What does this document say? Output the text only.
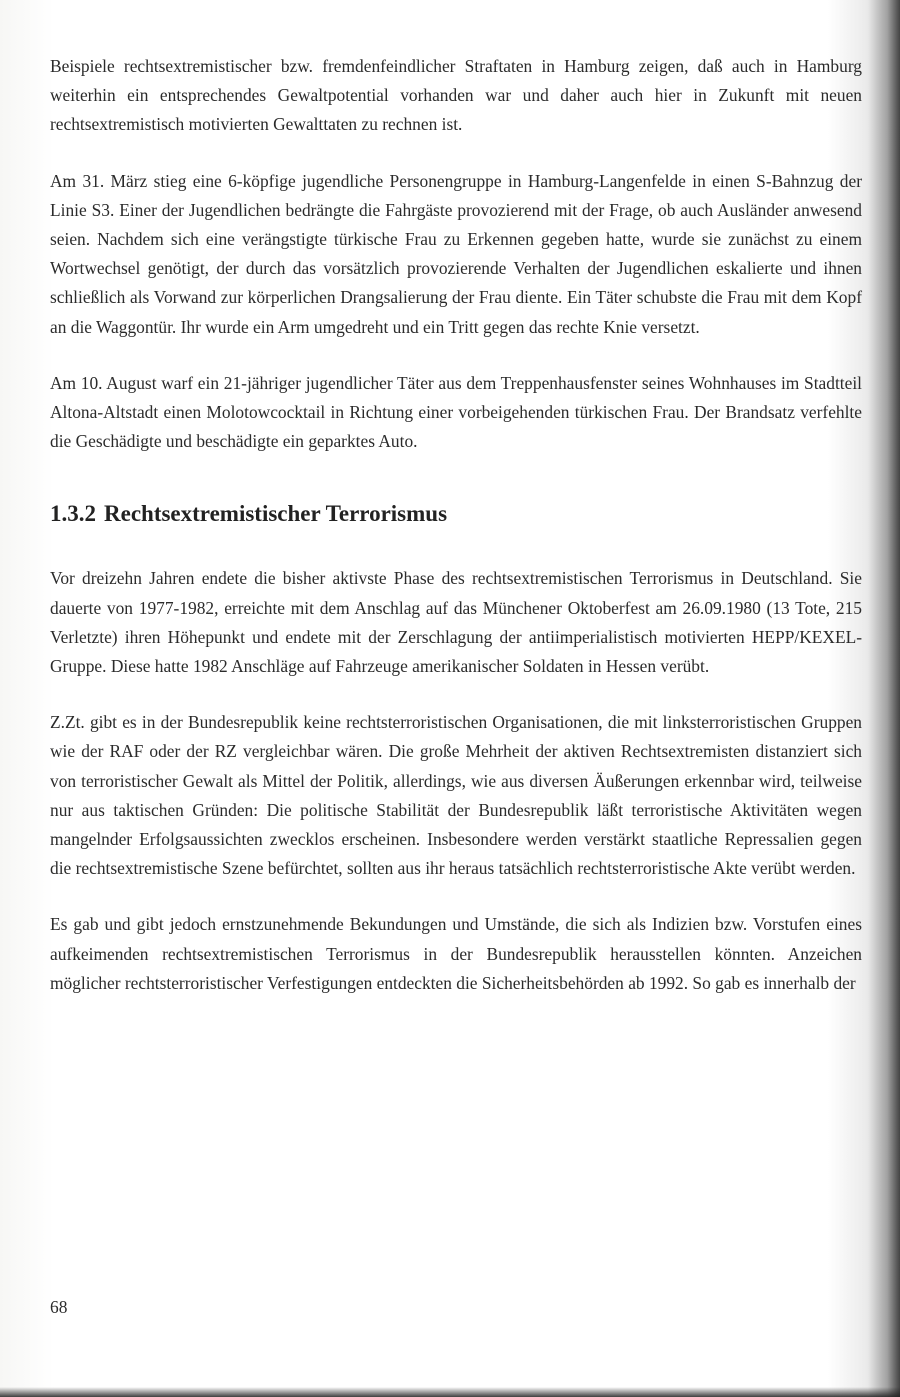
Beispiele rechtsextremistischer bzw. fremdenfeindlicher Straftaten in Hamburg zeigen, daß auch in Hamburg weiterhin ein entsprechendes Gewaltpotential vorhanden war und daher auch hier in Zukunft mit neuen rechtsextremistisch motivierten Gewalttaten zu rechnen ist.

Am 31. März stieg eine 6-köpfige jugendliche Personengruppe in Hamburg-Langenfelde in einen S-Bahnzug der Linie S3. Einer der Jugendlichen bedrängte die Fahrgäste provozierend mit der Frage, ob auch Ausländer anwesend seien. Nachdem sich eine verängstigte türkische Frau zu Erkennen gegeben hatte, wurde sie zunächst zu einem Wortwechsel genötigt, der durch das vorsätzlich provozierende Verhalten der Jugendlichen eskalierte und ihnen schließlich als Vorwand zur körperlichen Drangsalierung der Frau diente. Ein Täter schubste die Frau mit dem Kopf an die Waggontür. Ihr wurde ein Arm umgedreht und ein Tritt gegen das rechte Knie versetzt.

Am 10. August warf ein 21-jähriger jugendlicher Täter aus dem Treppenhausfenster seines Wohnhauses im Stadtteil Altona-Altstadt einen Molotowcocktail in Richtung einer vorbeigehenden türkischen Frau. Der Brandsatz verfehlte die Geschädigte und beschädigte ein geparktes Auto.

1.3.2 Rechtsextremistischer Terrorismus

Vor dreizehn Jahren endete die bisher aktivste Phase des rechtsextremistischen Terrorismus in Deutschland. Sie dauerte von 1977-1982, erreichte mit dem Anschlag auf das Münchener Oktoberfest am 26.09.1980 (13 Tote, 215 Verletzte) ihren Höhepunkt und endete mit der Zerschlagung der antiimperialistisch motivierten HEPP/KEXEL-Gruppe. Diese hatte 1982 Anschläge auf Fahrzeuge amerikanischer Soldaten in Hessen verübt.

Z.Zt. gibt es in der Bundesrepublik keine rechtsterroristischen Organisationen, die mit linksterroristischen Gruppen wie der RAF oder der RZ vergleichbar wären. Die große Mehrheit der aktiven Rechtsextremisten distanziert sich von terroristischer Gewalt als Mittel der Politik, allerdings, wie aus diversen Äußerungen erkennbar wird, teilweise nur aus taktischen Gründen: Die politische Stabilität der Bundesrepublik läßt terroristische Aktivitäten wegen mangelnder Erfolgsaussichten zwecklos erscheinen. Insbesondere werden verstärkt staatliche Repressalien gegen die rechtsextremistische Szene befürchtet, sollten aus ihr heraus tatsächlich rechtsterroristische Akte verübt werden.

Es gab und gibt jedoch ernstzunehmende Bekundungen und Umstände, die sich als Indizien bzw. Vorstufen eines aufkeimenden rechtsextremistischen Terrorismus in der Bundesrepublik herausstellen könnten. Anzeichen möglicher rechtsterroristischer Verfestigungen entdeckten die Sicherheitsbehörden ab 1992. So gab es innerhalb der

68
